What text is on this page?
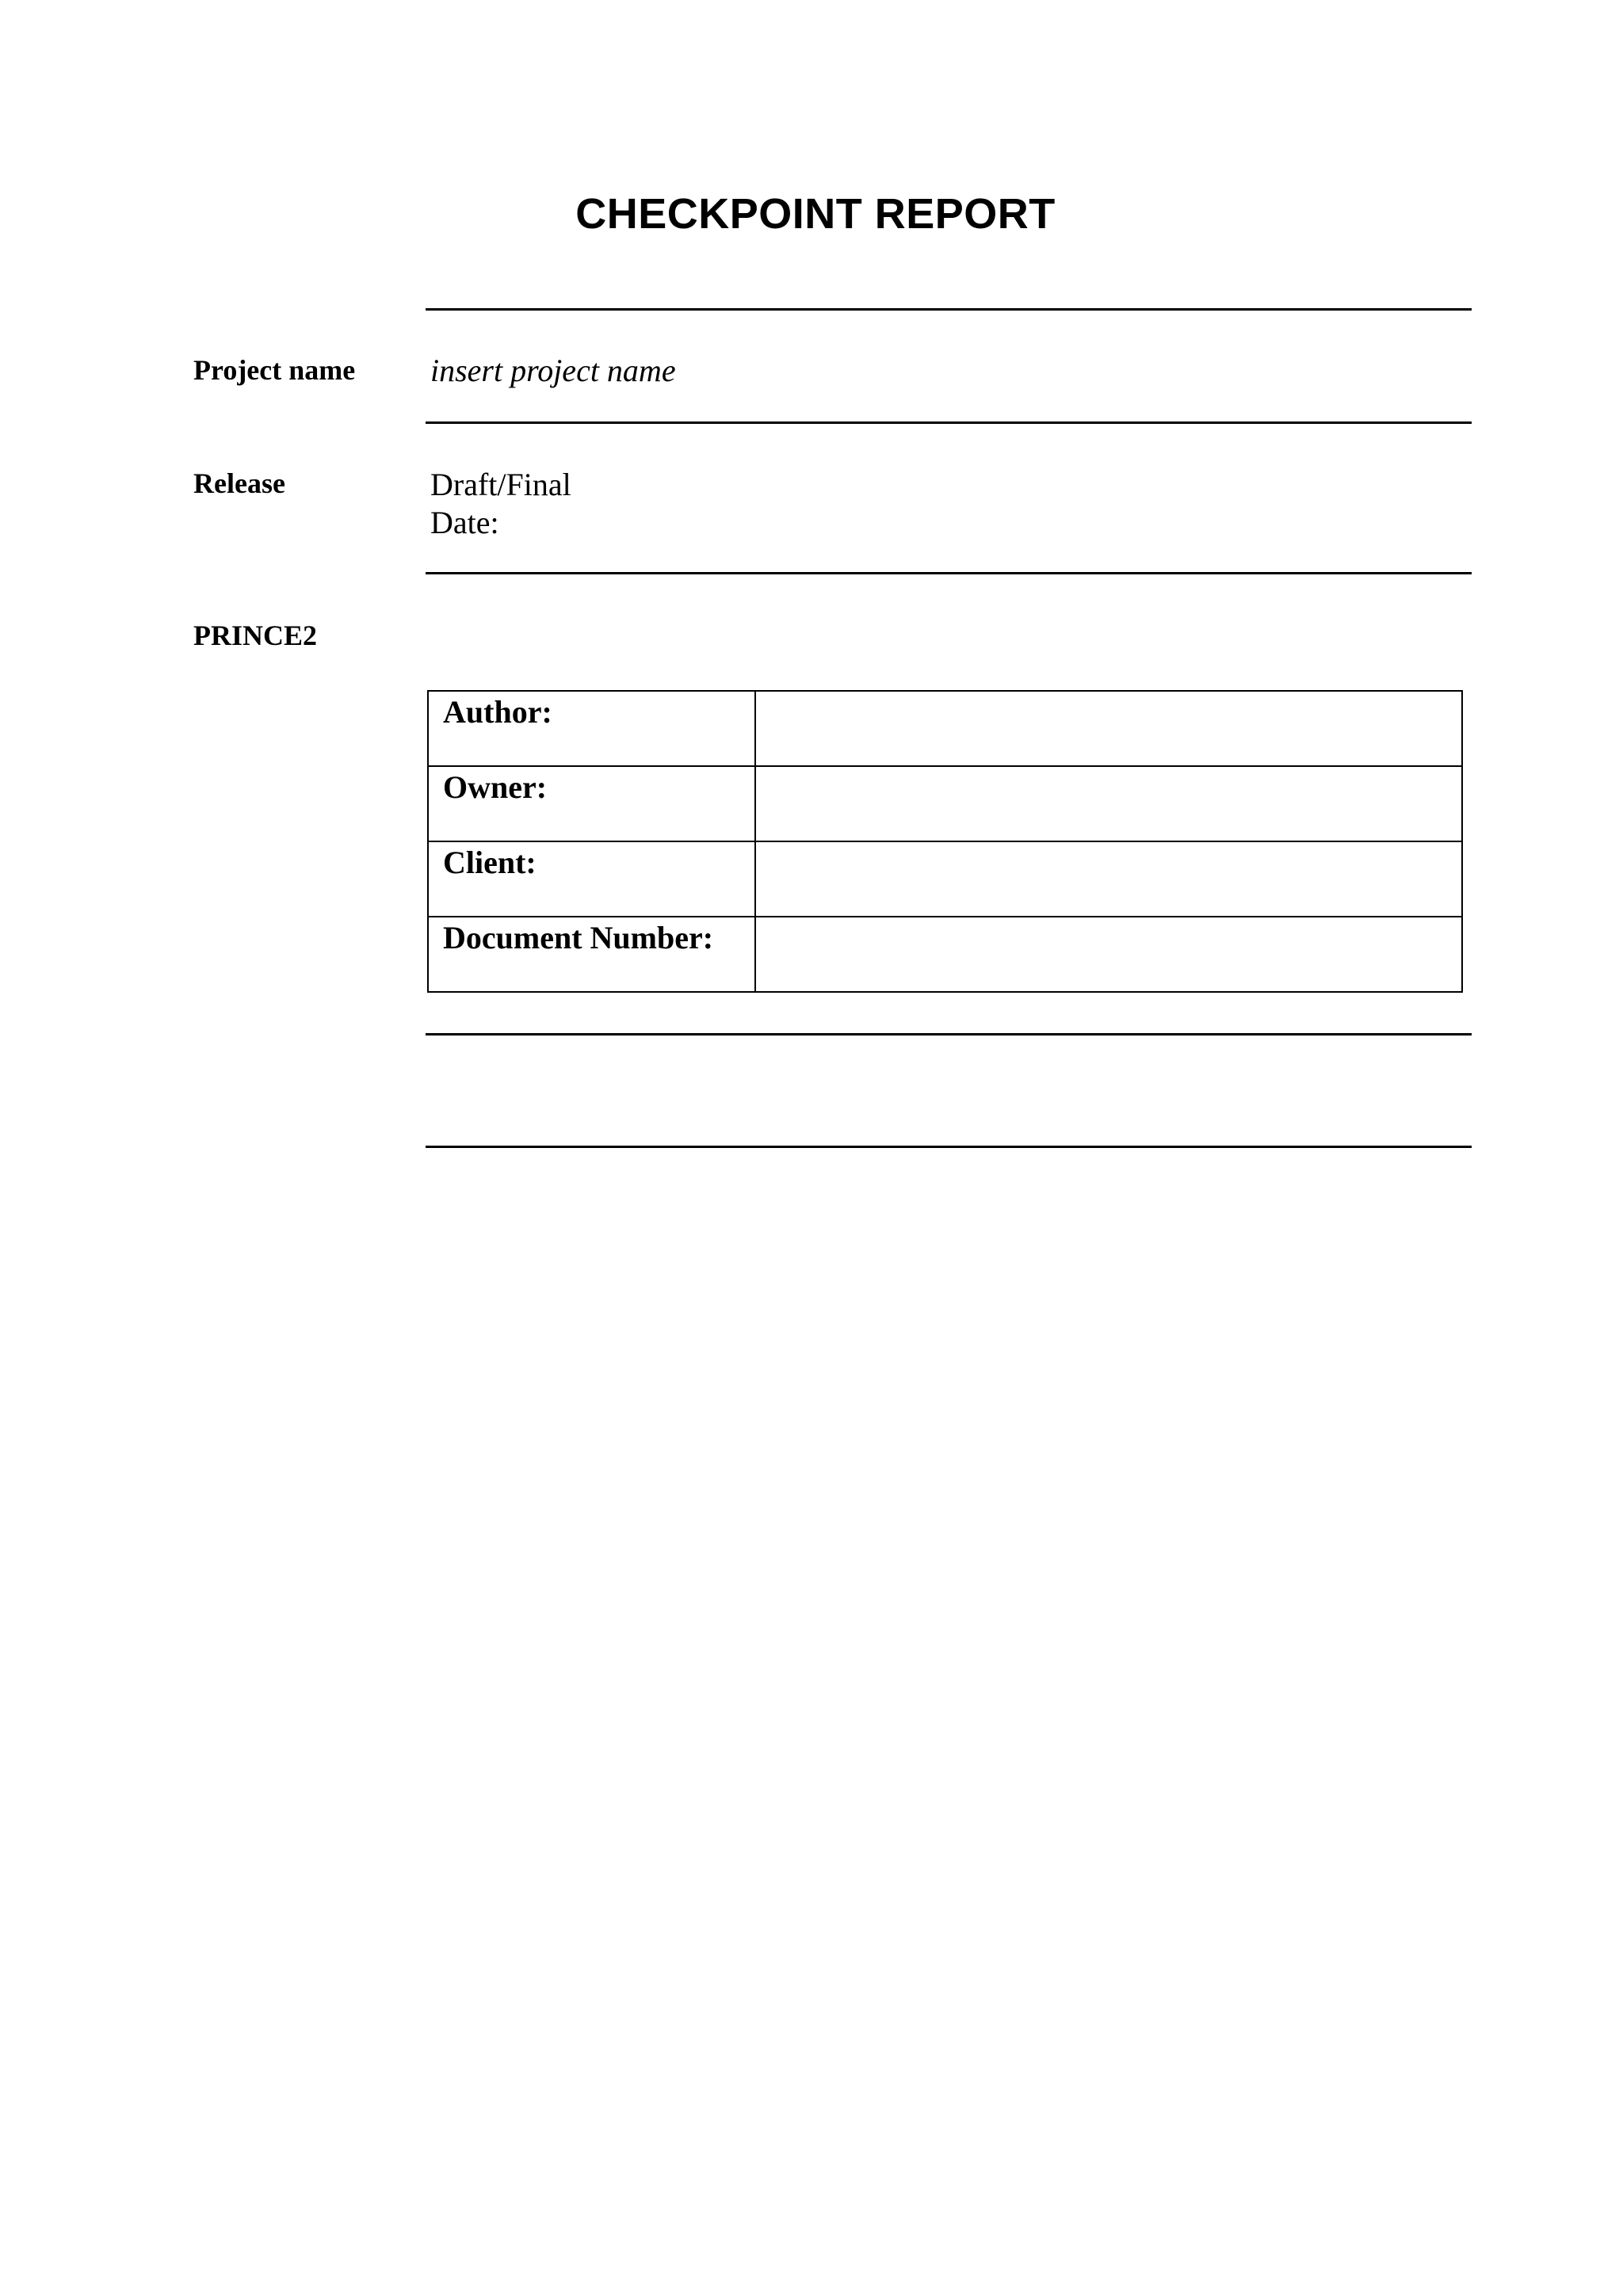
CHECKPOINT REPORT
Project name insert project name
Release	Draft/Final
Date:
PRINCE2
Author:	
Owner:	
Client:	
Document Number:	
